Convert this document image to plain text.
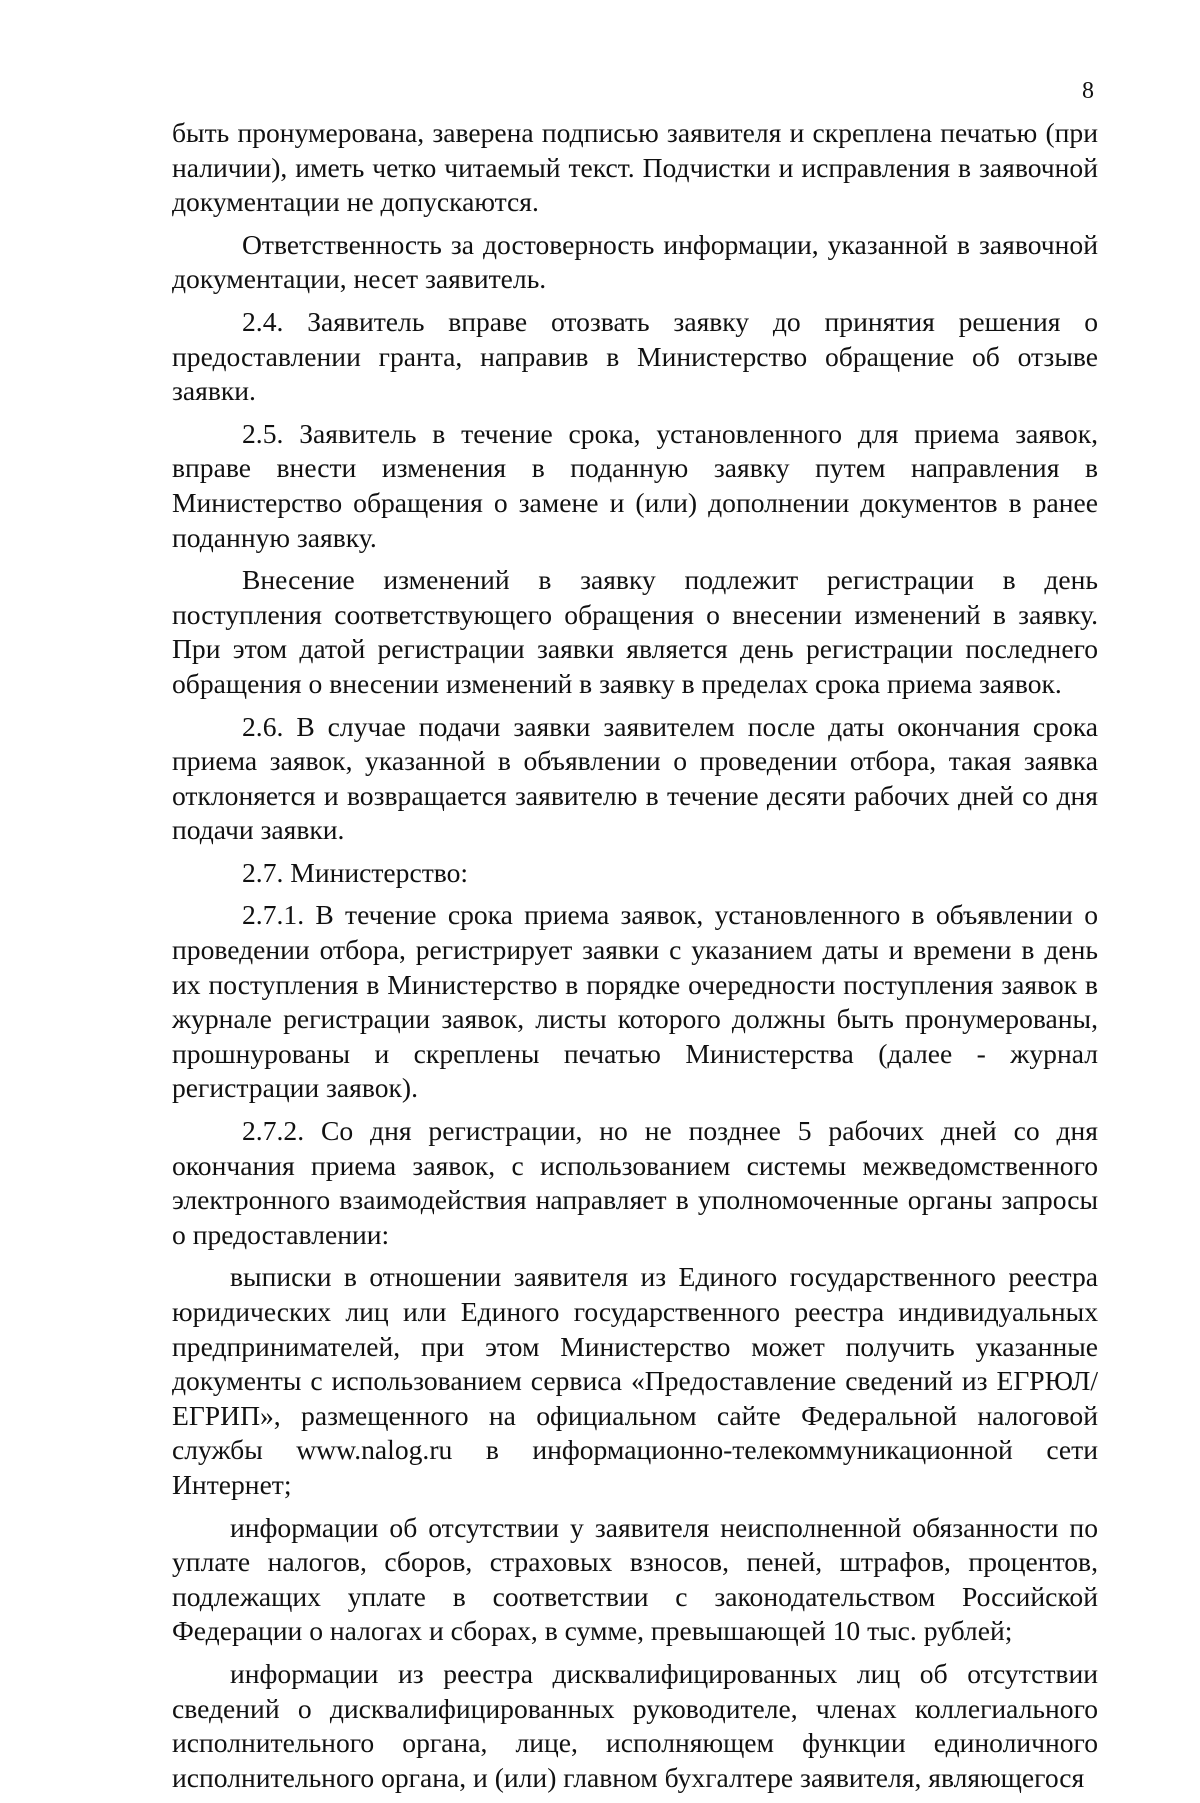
8

быть пронумерована, заверена подписью заявителя и скреплена печатью (при наличии), иметь четко читаемый текст. Подчистки и исправления в заявочной документации не допускаются.

Ответственность за достоверность информации, указанной в заявочной документации, несет заявитель.

2.4. Заявитель вправе отозвать заявку до принятия решения о предоставлении гранта, направив в Министерство обращение об отзыве заявки.

2.5. Заявитель в течение срока, установленного для приема заявок, вправе внести изменения в поданную заявку путем направления в Министерство обращения о замене и (или) дополнении документов в ранее поданную заявку.

Внесение изменений в заявку подлежит регистрации в день поступления соответствующего обращения о внесении изменений в заявку. При этом датой регистрации заявки является день регистрации последнего обращения о внесении изменений в заявку в пределах срока приема заявок.

2.6. В случае подачи заявки заявителем после даты окончания срока приема заявок, указанной в объявлении о проведении отбора, такая заявка отклоняется и возвращается заявителю в течение десяти рабочих дней со дня подачи заявки.

2.7. Министерство:

2.7.1. В течение срока приема заявок, установленного в объявлении о проведении отбора, регистрирует заявки с указанием даты и времени в день их поступления в Министерство в порядке очередности поступления заявок в журнале регистрации заявок, листы которого должны быть пронумерованы, прошнурованы и скреплены печатью Министерства (далее - журнал регистрации заявок).

2.7.2. Со дня регистрации, но не позднее 5 рабочих дней со дня окончания приема заявок, с использованием системы межведомственного электронного взаимодействия направляет в уполномоченные органы запросы о предоставлении:

выписки в отношении заявителя из Единого государственного реестра юридических лиц или Единого государственного реестра индивидуальных предпринимателей, при этом Министерство может получить указанные документы с использованием сервиса «Предоставление сведений из ЕГРЮЛ/ЕГРИП», размещенного на официальном сайте Федеральной налоговой службы www.nalog.ru в информационно-телекоммуникационной сети Интернет;

информации об отсутствии у заявителя неисполненной обязанности по уплате налогов, сборов, страховых взносов, пеней, штрафов, процентов, подлежащих уплате в соответствии с законодательством Российской Федерации о налогах и сборах, в сумме, превышающей 10 тыс. рублей;

информации из реестра дисквалифицированных лиц об отсутствии сведений о дисквалифицированных руководителе, членах коллегиального исполнительного органа, лице, исполняющем функции единоличного исполнительного органа, и (или) главном бухгалтере заявителя, являющегося
